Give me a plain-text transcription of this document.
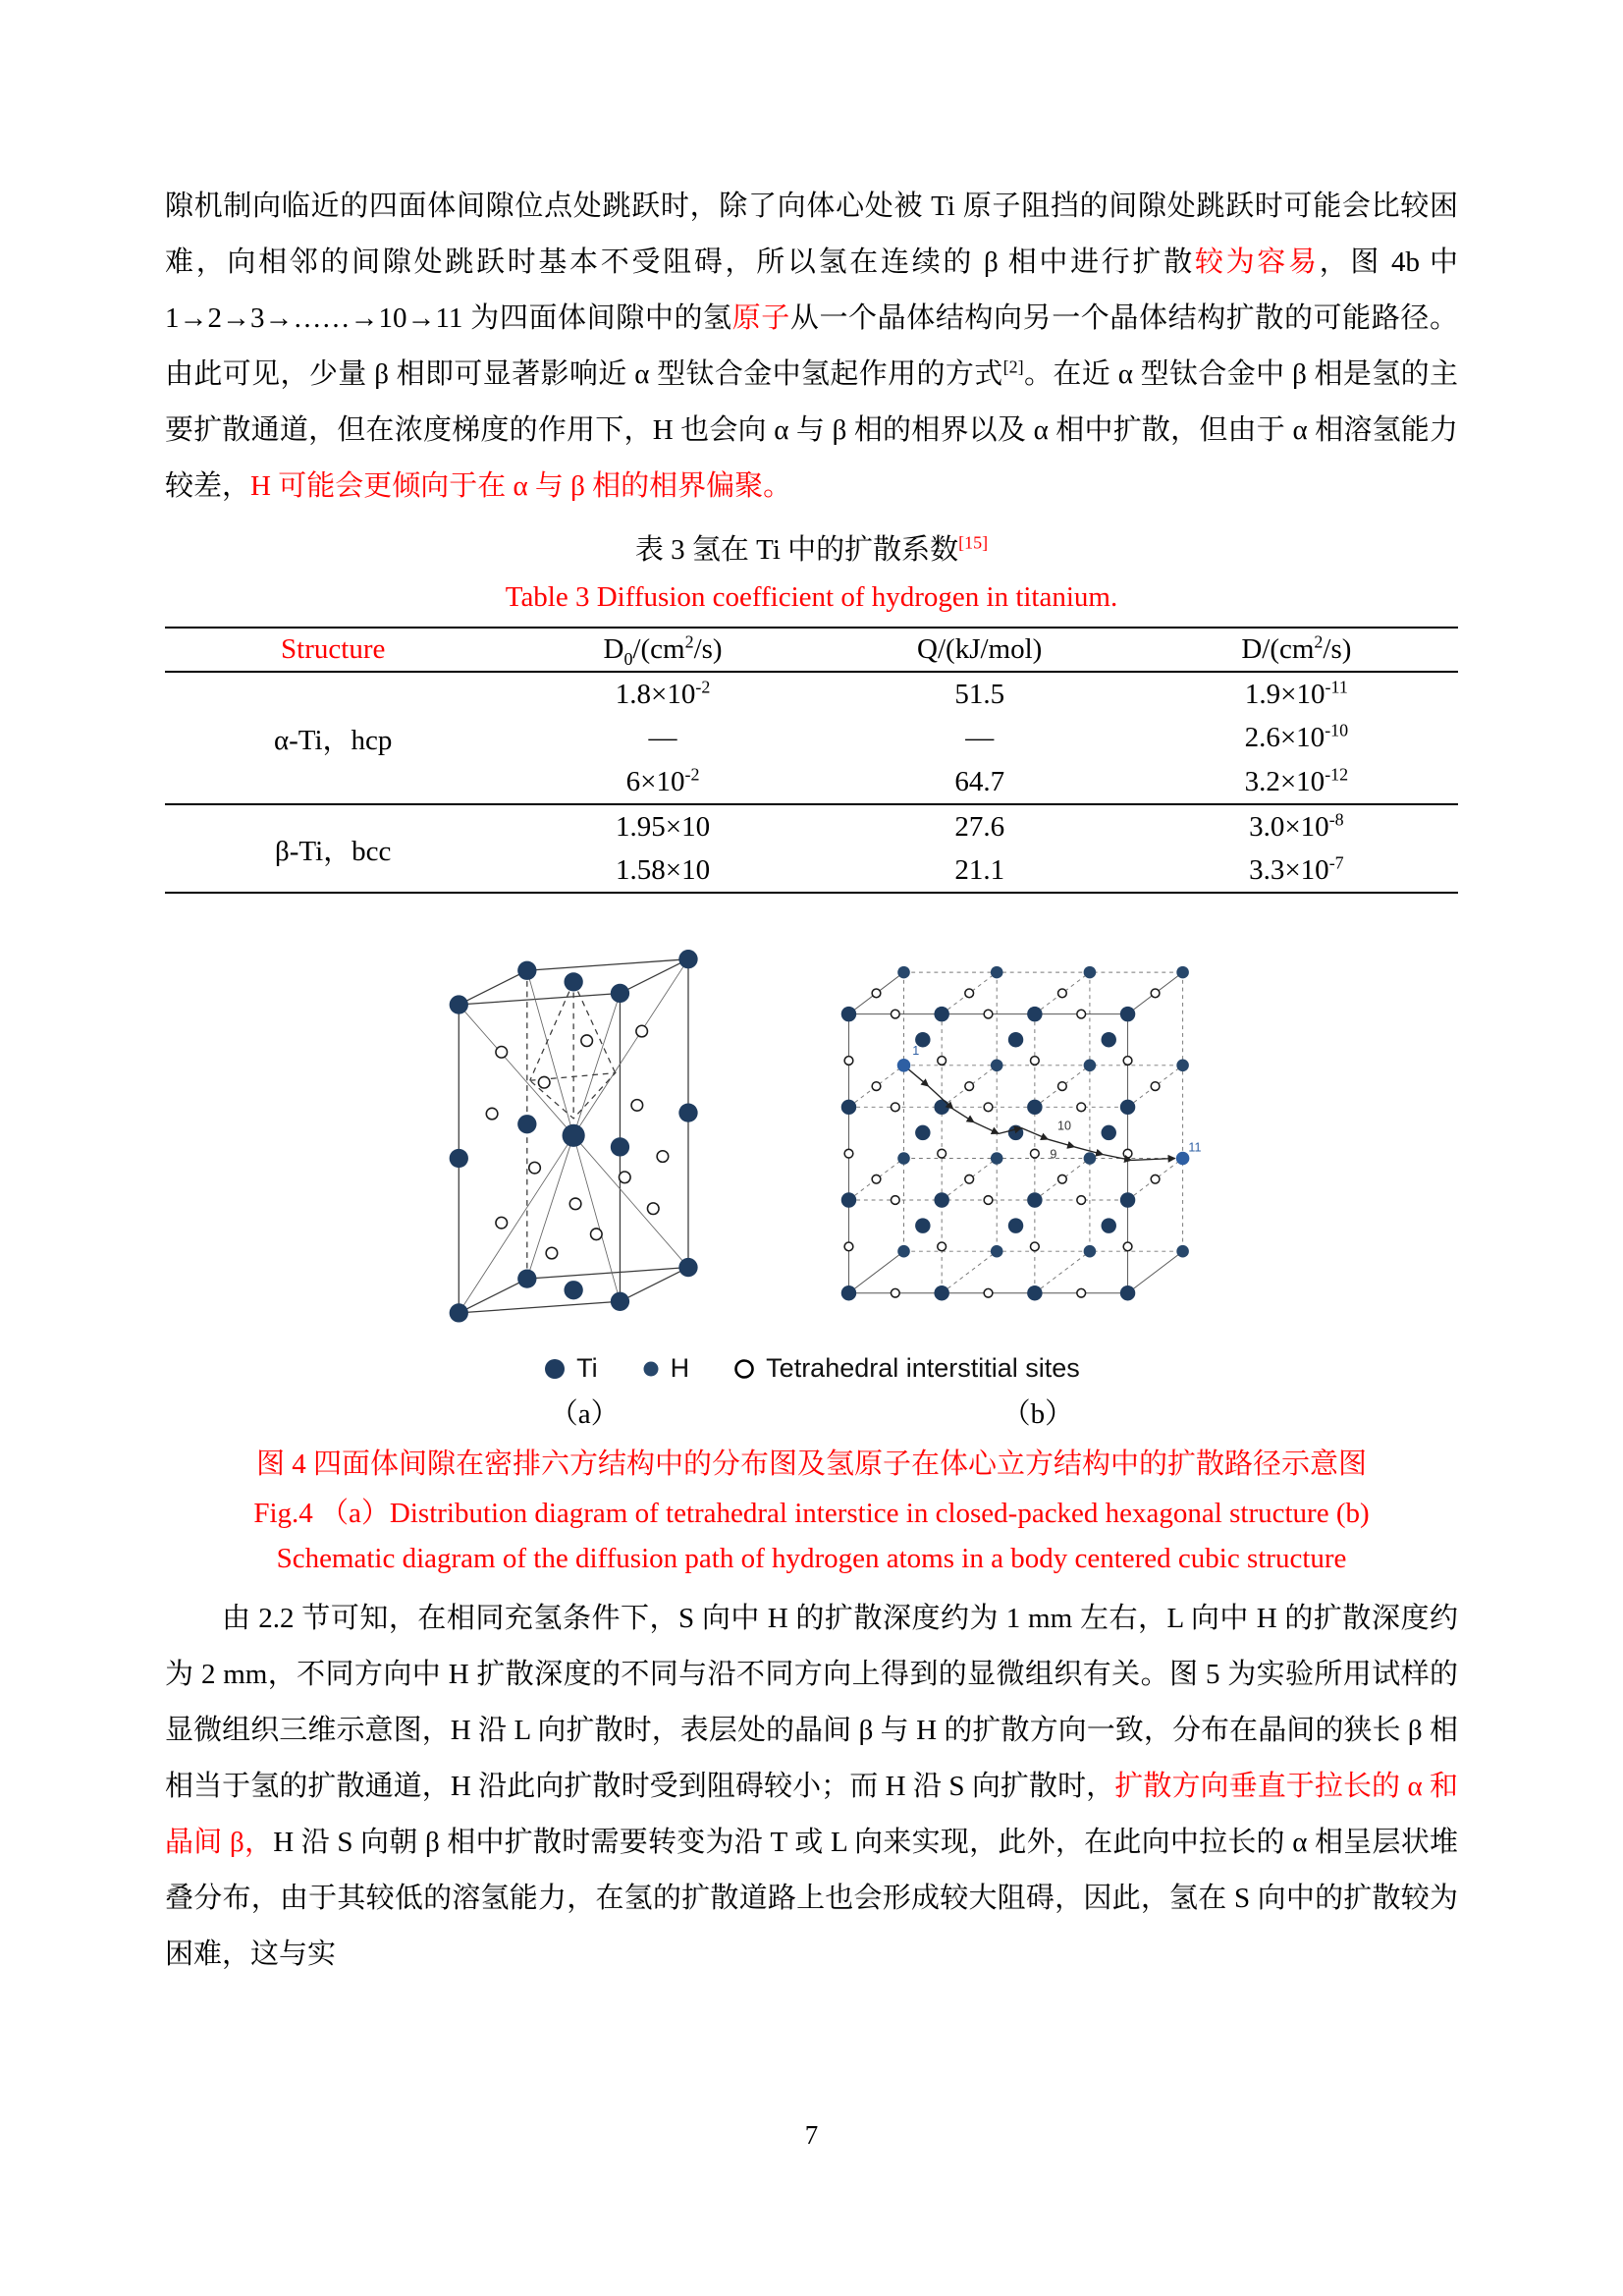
隙机制向临近的四面体间隙位点处跳跃时，除了向体心处被 Ti 原子阻挡的间隙处跳跃时可能会比较困难，向相邻的间隙处跳跃时基本不受阻碍，所以氢在连续的 β 相中进行扩散较为容易，图 4b 中 1→2→3→……→10→11 为四面体间隙中的氢原子从一个晶体结构向另一个晶体结构扩散的可能路径。由此可见，少量 β 相即可显著影响近 α 型钛合金中氢起作用的方式[2]。在近 α 型钛合金中 β 相是氢的主要扩散通道，但在浓度梯度的作用下，H 也会向 α 与 β 相的相界以及 α 相中扩散，但由于 α 相溶氢能力较差，H 可能会更倾向于在 α 与 β 相的相界偏聚。

表 3 氢在 Ti 中的扩散系数[15]
Table 3 Diffusion coefficient of hydrogen in titanium.
Structure	$D_0/(cm^2/s)$	Q/(kJ/mol)	$D/(cm^2/s)$
α-Ti，hcp	$1.8\times 10^{-2}$	51.5	$1.9\times 10^{-11}$
	—	—	$2.6\times 10^{-10}$
	$6\times 10^{-2}$	64.7	$3.2\times 10^{-12}$
β-Ti，bcc	1.95×10	27.6	$3.0\times 10^{-8}$
	1.58×10	21.1	$3.3\times 10^{-7}$
1
9
10
11
Ti	H	Tetrahedral interstitial sites
（a）	（b）
图 4 四面体间隙在密排六方结构中的分布图及氢原子在体心立方结构中的扩散路径示意图
Fig.4 （a）Distribution diagram of tetrahedral interstice in closed-packed hexagonal structure (b) Schematic diagram of the diffusion path of hydrogen atoms in a body centered cubic structure

由 2.2 节可知，在相同充氢条件下，S 向中 H 的扩散深度约为 1 mm 左右，L 向中 H 的扩散深度约为 2 mm，不同方向中 H 扩散深度的不同与沿不同方向上得到的显微组织有关。图 5 为实验所用试样的显微组织三维示意图，H 沿 L 向扩散时，表层处的晶间 β 与 H 的扩散方向一致，分布在晶间的狭长 β 相相当于氢的扩散通道，H 沿此向扩散时受到阻碍较小；而 H 沿 S 向扩散时，扩散方向垂直于拉长的 α 和晶间 β，H 沿 S 向朝 β 相中扩散时需要转变为沿 T 或 L 向来实现，此外，在此向中拉长的 α 相呈层状堆叠分布，由于其较低的溶氢能力，在氢的扩散道路上也会形成较大阻碍，因此，氢在 S 向中的扩散较为困难，这与实

7
